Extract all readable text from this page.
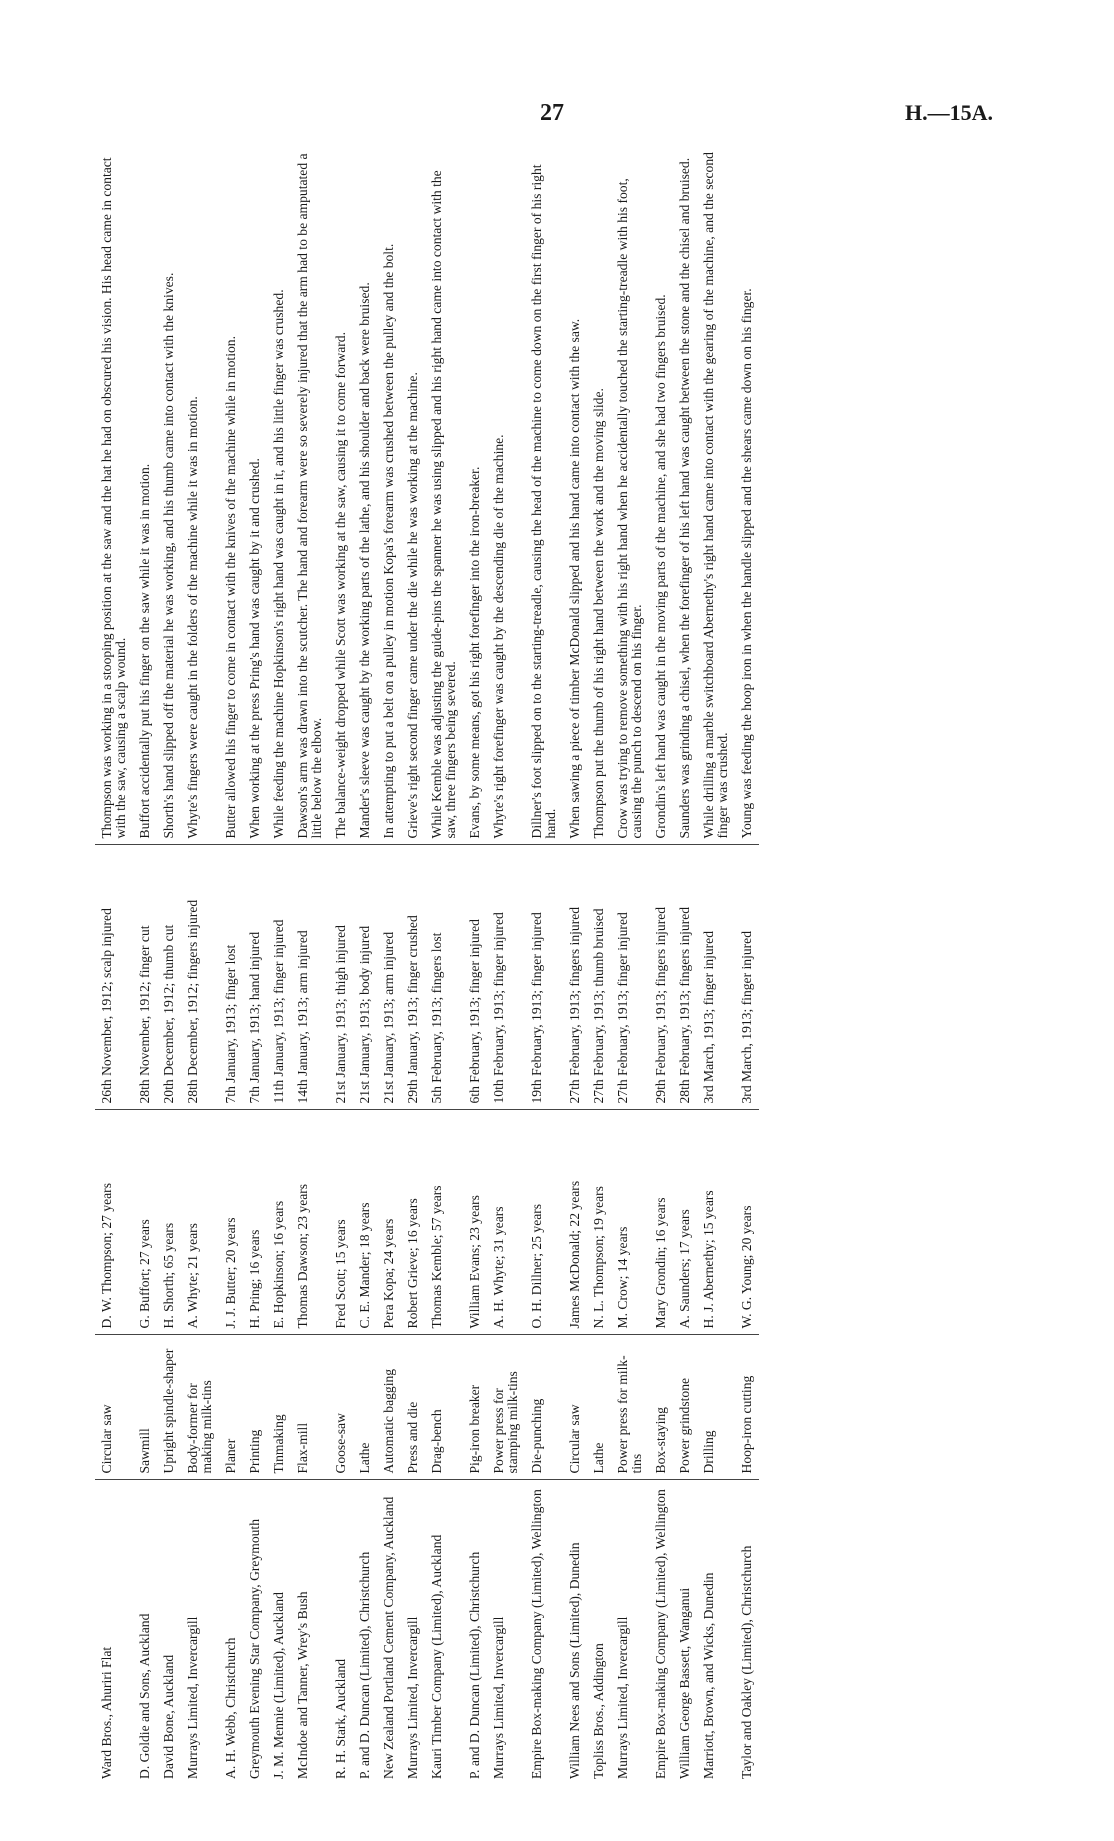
27	H.—15A.
Ward Bros., Ahuriri Flat	Circular saw	D. W. Thompson; 27 years	26th November, 1912; scalp injured	Thompson was working in a stooping position at the saw and the hat he had on obscured his vision. His head came in contact with the saw, causing a scalp wound.
D. Goldie and Sons, Auckland	Sawmill	G. Buffort; 27 years	28th November, 1912; finger cut	Buffort accidentally put his finger on the saw while it was in motion.
David Bone, Auckland	Upright spindle-shaper	H. Shorth; 65 years	20th December, 1912; thumb cut	Shorth's hand slipped off the material he was working, and his thumb came into contact with the knives.
Murrays Limited, Invercargill	Body-former for making milk-tins	A. Whyte; 21 years	28th December, 1912; fingers injured	Whyte's fingers were caught in the folders of the machine while it was in motion.
A. H. Webb, Christchurch	Planer	J. J. Butter; 20 years	7th January, 1913; finger lost	Butter allowed his finger to come in contact with the knives of the machine while in motion.
Greymouth Evening Star Company, Greymouth	Printing	H. Pring; 16 years	7th January, 1913; hand injured	When working at the press Pring's hand was caught by it and crushed.
J. M. Mennie (Limited), Auckland	Tinmaking	E. Hopkinson; 16 years	11th January, 1913; finger injured	While feeding the machine Hopkinson's right hand was caught in it, and his little finger was crushed.
McIndoe and Tanner, Wrey's Bush	Flax-mill	Thomas Dawson; 23 years	14th January, 1913; arm injured	Dawson's arm was drawn into the scutcher. The hand and forearm were so severely injured that the arm had to be amputated a little below the elbow.
R. H. Stark, Auckland	Goose-saw	Fred Scott; 15 years	21st January, 1913; thigh injured	The balance-weight dropped while Scott was working at the saw, causing it to come forward.
P. and D. Duncan (Limited), Christchurch	Lathe	C. E. Mander; 18 years	21st January, 1913; body injured	Mander's sleeve was caught by the working parts of the lathe, and his shoulder and back were bruised.
New Zealand Portland Cement Company, Auckland	Automatic bagging	Pera Kopa; 24 years	21st January, 1913; arm injured	In attempting to put a belt on a pulley in motion Kopa's forearm was crushed between the pulley and the bolt.
Murrays Limited, Invercargill	Press and die	Robert Grieve; 16 years	29th January, 1913; finger crushed	Grieve's right second finger came under the die while he was working at the machine.
Kauri Timber Company (Limited), Auckland	Drag-bench	Thomas Kemble; 57 years	5th February, 1913; fingers lost	While Kemble was adjusting the guide-pins the spanner he was using slipped and his right hand came into contact with the saw, three fingers being severed.
P. and D. Duncan (Limited), Christchurch	Pig-iron breaker	William Evans; 23 years	6th February, 1913; finger injured	Evans, by some means, got his right forefinger into the iron-breaker.
Murrays Limited, Invercargill	Power press for stamping milk-tins	A. H. Whyte; 31 years	10th February, 1913; finger injured	Whyte's right forefinger was caught by the descending die of the machine.
Empire Box-making Company (Limited), Wellington	Die-punching	O. H. Dillner; 25 years	19th February, 1913; finger injured	Dillner's foot slipped on to the starting-treadle, causing the head of the machine to come down on the first finger of his right hand.
William Nees and Sons (Limited), Dunedin	Circular saw	James McDonald; 22 years	27th February, 1913; fingers injured	When sawing a piece of timber McDonald slipped and his hand came into contact with the saw.
Topliss Bros., Addington	Lathe	N. L. Thompson; 19 years	27th February, 1913; thumb bruised	Thompson put the thumb of his right hand between the work and the moving slide.
Murrays Limited, Invercargill	Power press for milk-tins	M. Crow; 14 years	27th February, 1913; finger injured	Crow was trying to remove something with his right hand when he accidentally touched the starting-treadle with his foot, causing the punch to descend on his finger.
Empire Box-making Company (Limited), Wellington	Box-staying	Mary Grondin; 16 years	29th February, 1913; fingers injured	Grondin's left hand was caught in the moving parts of the machine, and she had two fingers bruised.
William George Bassett, Wanganui	Power grindstone	A. Saunders; 17 years	28th February, 1913; fingers injured	Saunders was grinding a chisel, when the forefinger of his left hand was caught between the stone and the chisel and bruised.
Marriott, Brown, and Wicks, Dunedin	Drilling	H. J. Abernethy; 15 years	3rd March, 1913; finger injured	While drilling a marble switchboard Abernethy's right hand came into contact with the gearing of the machine, and the second finger was crushed.
Taylor and Oakley (Limited), Christchurch	Hoop-iron cutting	W. G. Young; 20 years	3rd March, 1913; finger injured	Young was feeding the hoop iron in when the handle slipped and the shears came down on his finger.
